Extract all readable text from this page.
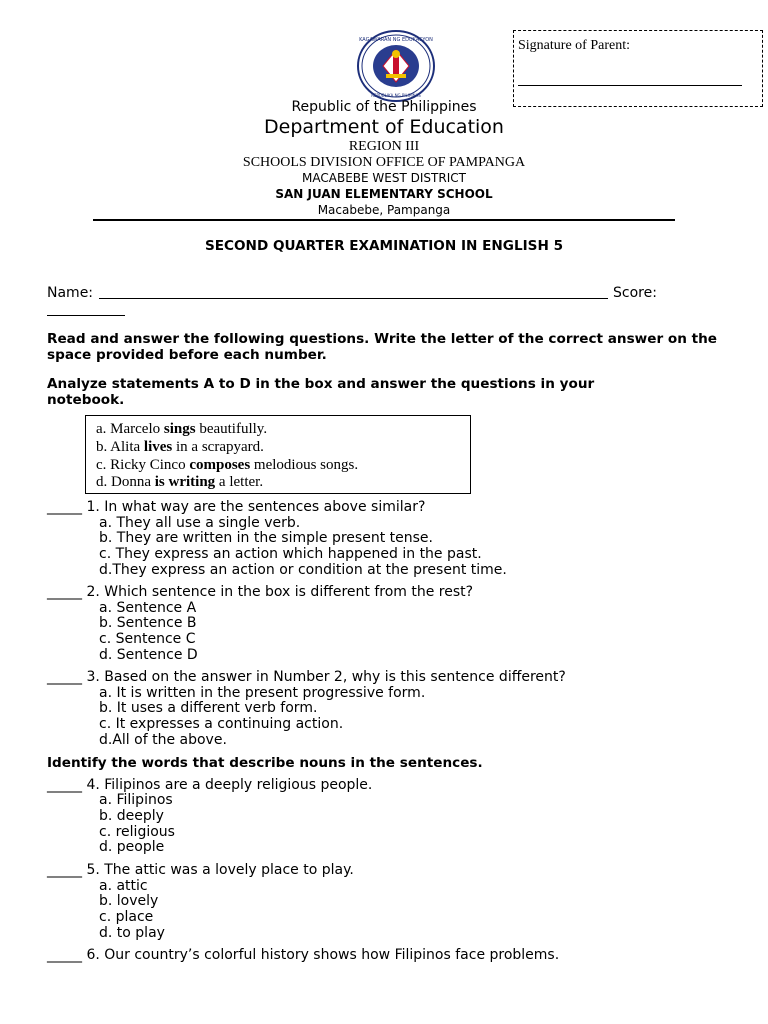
KAGAWARAN NG EDUKASYON
REPUBLIKA NG PILIPINAS
Signature of Parent:
Republic of the Philippines
Department of Education
REGION III
SCHOOLS DIVISION OFFICE OF PAMPANGA
MACABEBE WEST DISTRICT
SAN JUAN ELEMENTARY SCHOOL
Macabebe, Pampanga
SECOND QUARTER EXAMINATION IN ENGLISH 5
Name:	Score:
Read and answer the following questions. Write the letter of the correct answer on the space provided before each number.
Analyze statements A to D in the box and answer the questions in your notebook.
a. Marcelo sings beautifully.
b. Alita lives in a scrapyard.
c. Ricky Cinco composes melodious songs.
d. Donna is writing a letter.
_____ 1. In what way are the sentences above similar?
a. They all use a single verb.
b. They are written in the simple present tense.
c. They express an action which happened in the past.
d.They express an action or condition at the present time.
_____ 2. Which sentence in the box is different from the rest?
a. Sentence A
b. Sentence B
c. Sentence C
d. Sentence D
_____ 3. Based on the answer in Number 2, why is this sentence different?
a. It is written in the present progressive form.
b. It uses a different verb form.
c. It expresses a continuing action.
d.All of the above.
Identify the words that describe nouns in the sentences.
_____ 4. Filipinos are a deeply religious people.
a. Filipinos
b. deeply
c. religious
d. people
_____ 5. The attic was a lovely place to play.
a. attic
b. lovely
c. place
d. to play
_____ 6. Our country’s colorful history shows how Filipinos face problems.
